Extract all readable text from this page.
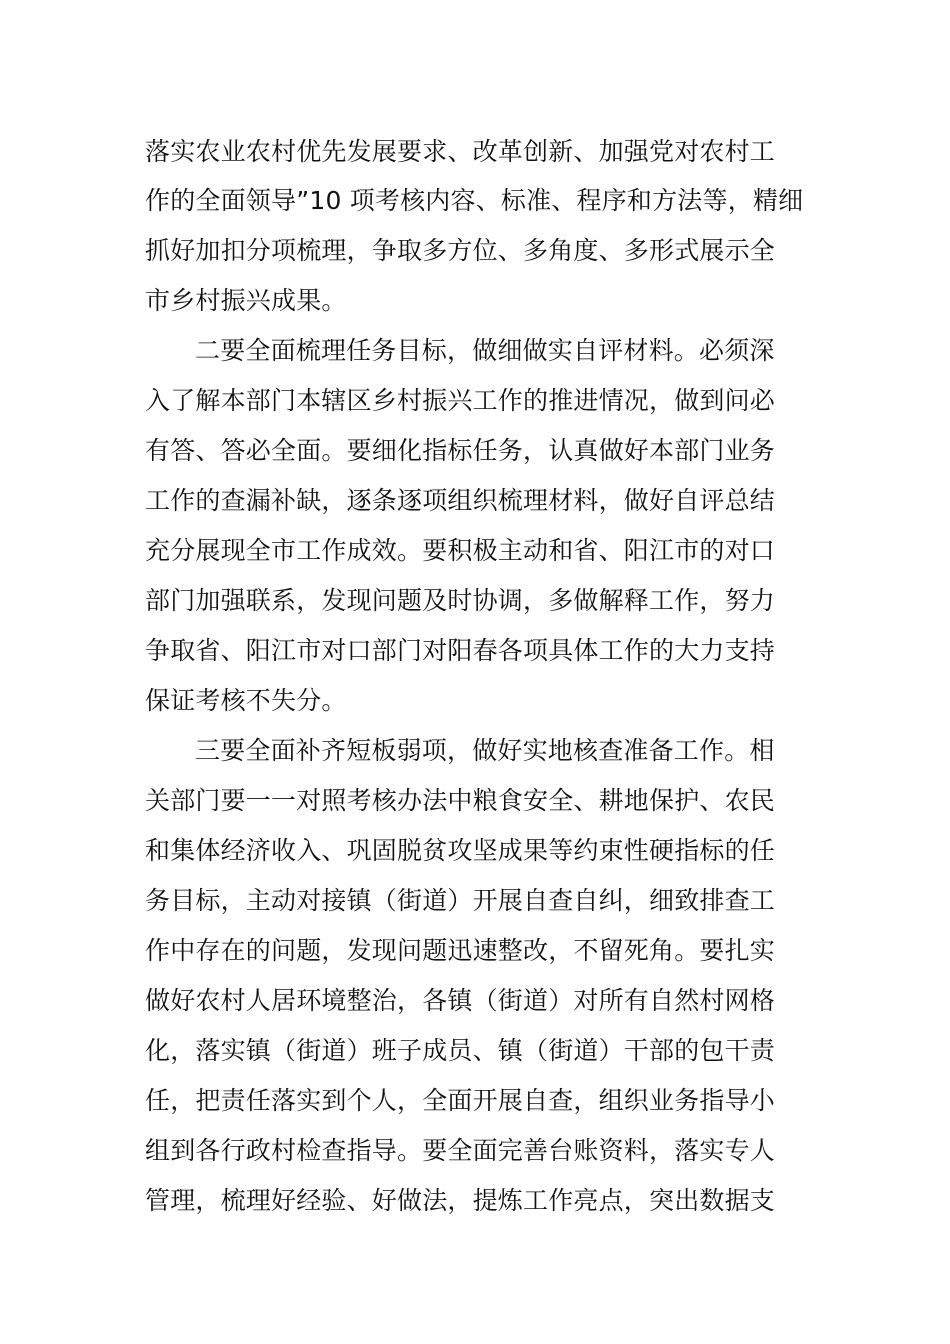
落实农业农村优先发展要求、改革创新、加强党对农村工
作的全面领导”10 项考核内容、标准、程序和方法等，精细
抓好加扣分项梳理，争取多方位、多角度、多形式展示全
市乡村振兴成果。
二要全面梳理任务目标，做细做实自评材料。必须深
入了解本部门本辖区乡村振兴工作的推进情况，做到问必
有答、答必全面。要细化指标任务，认真做好本部门业务
工作的查漏补缺，逐条逐项组织梳理材料，做好自评总结
充分展现全市工作成效。要积极主动和省、阳江市的对口
部门加强联系，发现问题及时协调，多做解释工作，努力
争取省、阳江市对口部门对阳春各项具体工作的大力支持
保证考核不失分。
三要全面补齐短板弱项，做好实地核查准备工作。相
关部门要一一对照考核办法中粮食安全、耕地保护、农民
和集体经济收入、巩固脱贫攻坚成果等约束性硬指标的任
务目标，主动对接镇（街道）开展自查自纠，细致排查工
作中存在的问题，发现问题迅速整改，不留死角。要扎实
做好农村人居环境整治，各镇（街道）对所有自然村网格
化，落实镇（街道）班子成员、镇（街道）干部的包干责
任，把责任落实到个人，全面开展自查，组织业务指导小
组到各行政村检查指导。要全面完善台账资料，落实专人
管理，梳理好经验、好做法，提炼工作亮点，突出数据支
